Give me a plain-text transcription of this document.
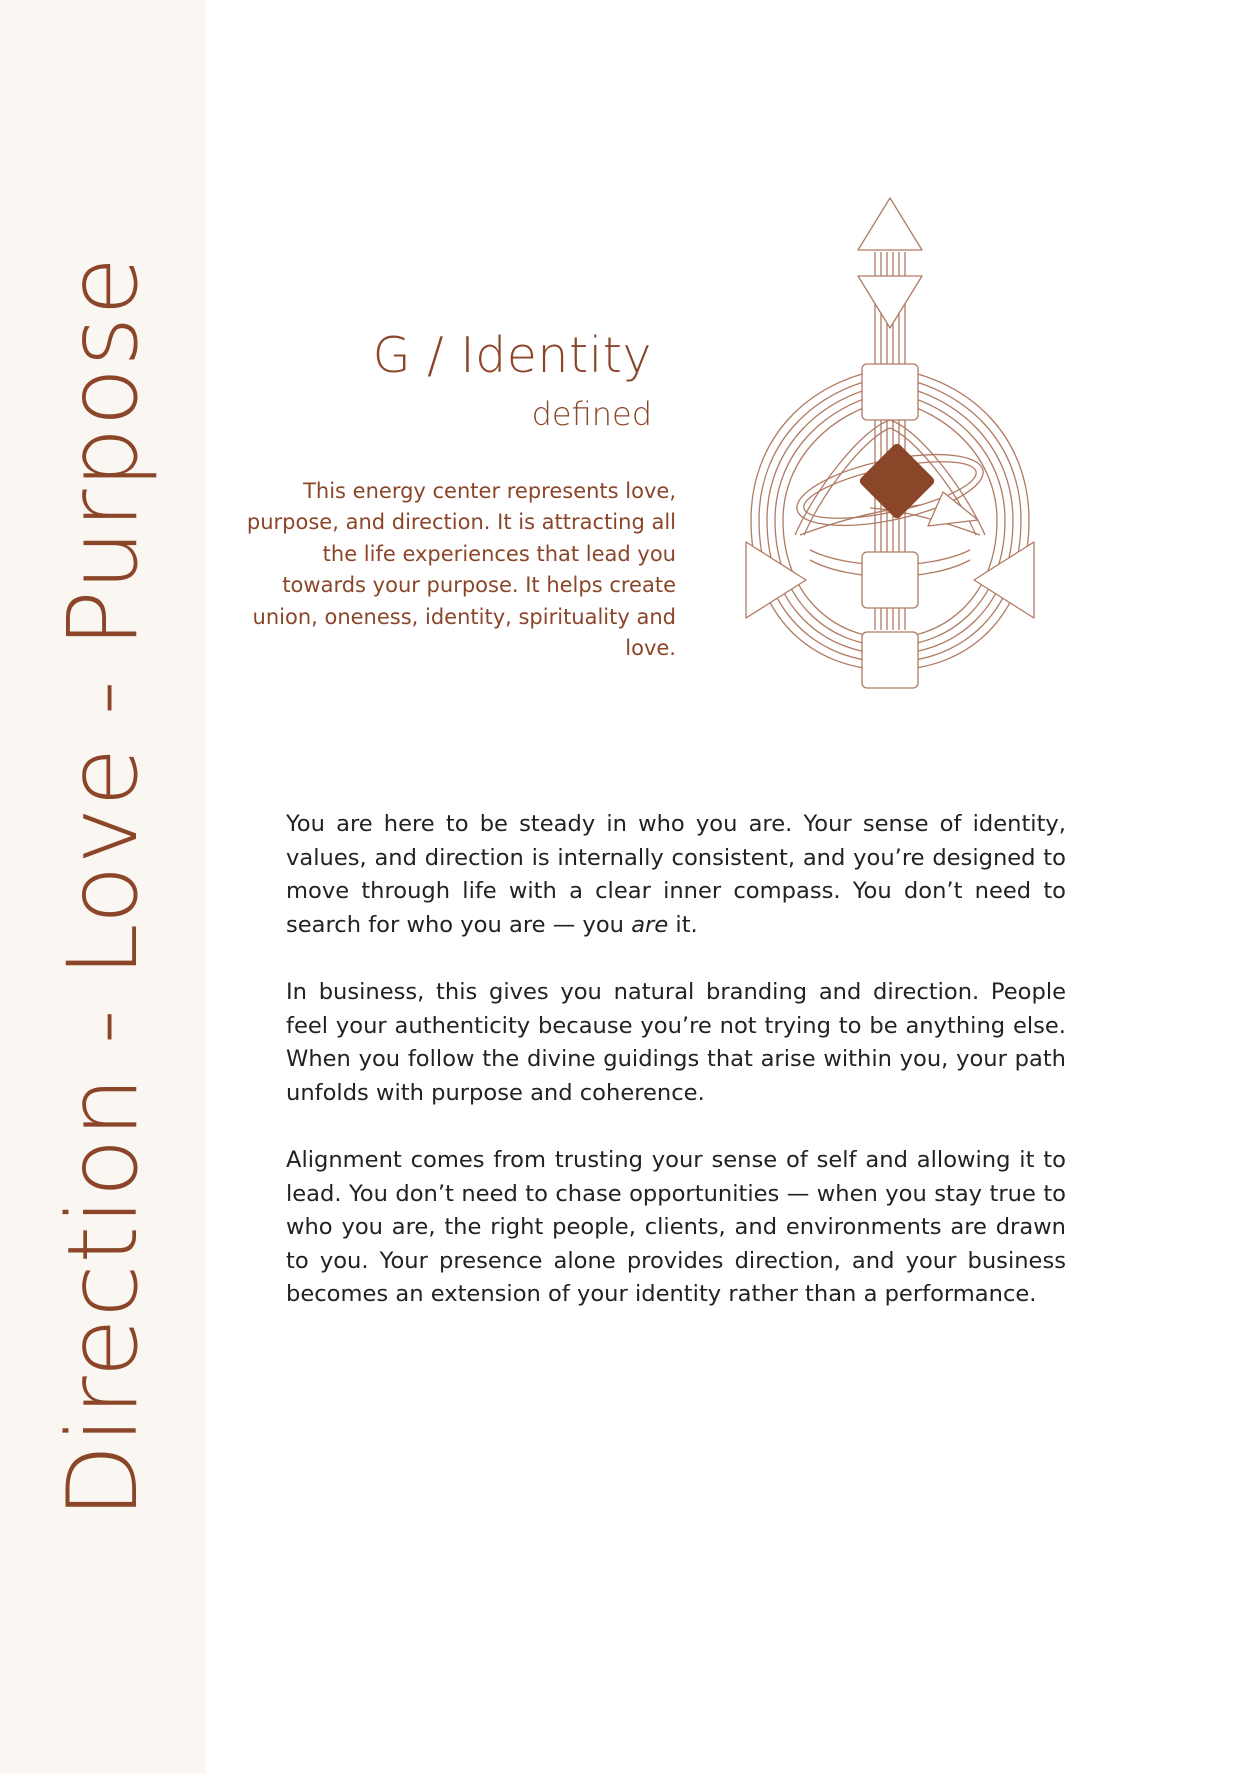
Direction - Love - Purpose	G / Identity
defined

This energy center represents love, purpose, and direction. It is attracting all the life experiences that lead you towards your purpose. It helps create union, oneness, identity, spirituality and love.

You are here to be steady in who you are. Your sense of identity, values, and direction is internally consistent, and you’re designed to move through life with a clear inner compass. You don’t need to search for who you are — you are it.

In business, this gives you natural branding and direction. People feel your authenticity because you’re not trying to be anything else. When you follow the divine guidings that arise within you, your path unfolds with purpose and coherence.

Alignment comes from trusting your sense of self and allowing it to lead. You don’t need to chase opportunities — when you stay true to who you are, the right people, clients, and environments are drawn to you. Your presence alone provides direction, and your business becomes an extension of your identity rather than a performance.
